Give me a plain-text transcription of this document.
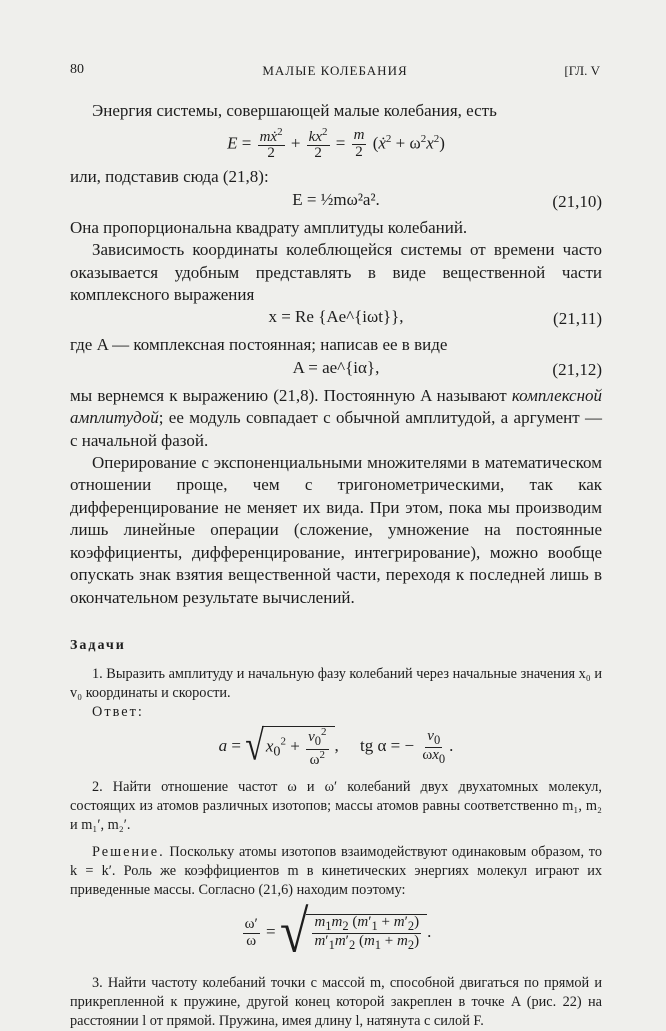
80	МАЛЫЕ КОЛЕБАНИЯ	[ГЛ. V

Энергия системы, совершающей малые колебания, есть

$E = \frac{mẋ^2}{2} + \frac{kx^2}{2} = \frac{m}{2}$ (ẋ$^2$ + $\omega^2x^2$)

или, подставив сюда (21,8):

E = ½mω²a².	(21,10)

Она пропорциональна квадрату амплитуды колебаний.

Зависимость координаты колеблющейся системы от времени часто оказывается удобным представлять в виде вещественной части комплексного выражения

x = Re {Ae^{iωt}},	(21,11)

где A — комплексная постоянная; написав ее в виде

A = ae^{iα},	(21,12)

мы вернемся к выражению (21,8). Постоянную A называют комплексной амплитудой; ее модуль совпадает с обычной амплитудой, а аргумент — с начальной фазой.

Оперирование с экспоненциальными множителями в математическом отношении проще, чем с тригонометрическими, так как дифференцирование не меняет их вида. При этом, пока мы производим лишь линейные операции (сложение, умножение на постоянные коэффициенты, дифференцирование, интегрирование), можно вообще опускать знак взятия вещественной части, переходя к последней лишь в окончательном результате вычислений.

Задачи

1. Выразить амплитуду и начальную фазу колебаний через начальные значения x₀ и v₀ координаты и скорости.

Ответ:

a = √ $x_0^2 + \frac{v_0^2}{\omega^2}$ ,     tg α = − $\frac{v_0}{\omega x_0}$ .

2. Найти отношение частот ω и ω′ колебаний двух двухатомных молекул, состоящих из атомов различных изотопов; массы атомов равны соответственно m₁, m₂ и m₁′, m₂′.

Решение. Поскольку атомы изотопов взаимодействуют одинаковым образом, то k = k′. Роль же коэффициентов m в кинетических энергиях молекул играют их приведенные массы. Согласно (21,6) находим поэтому:

$\frac{\omega'}{\omega}$ = √ $\frac{m_1m_2 (m'_1 + m'_2)}{m'_1m'_2 (m_1 + m_2)}$ .

3. Найти частоту колебаний точки с массой m, способной двигаться по прямой и прикрепленной к пружине, другой конец которой закреплен в точке A (рис. 22) на расстоянии l от прямой. Пружина, имея длину l, натянута с силой F.
